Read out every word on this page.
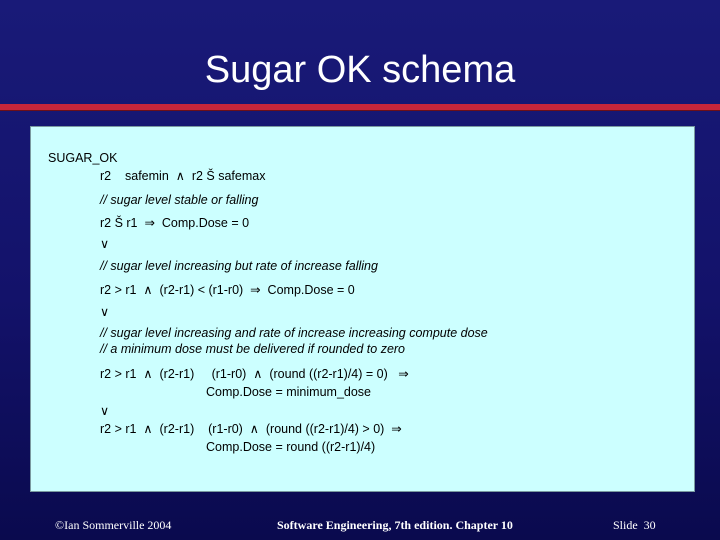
Sugar OK schema
SUGAR_OK
r2    safemin  ∧  r2 Š safemax
// sugar level stable or falling
r2 Š r1  ⇒  Comp.Dose = 0
∨
// sugar level increasing but rate of increase falling
r2 > r1  ∧  (r2-r1) < (r1-r0)  ⇒  Comp.Dose = 0
∨
// sugar level increasing and rate of increase increasing compute dose
// a minimum dose must be delivered if rounded to zero
r2 > r1  ∧  (r2-r1)     (r1-r0)  ∧  (round ((r2-r1)/4) = 0)   ⇒
Comp.Dose = minimum_dose
∨
r2 > r1  ∧  (r2-r1)    (r1-r0)  ∧  (round ((r2-r1)/4) > 0)  ⇒
Comp.Dose = round ((r2-r1)/4)
©Ian Sommerville 2004	Software Engineering, 7th edition. Chapter 10	Slide  30
